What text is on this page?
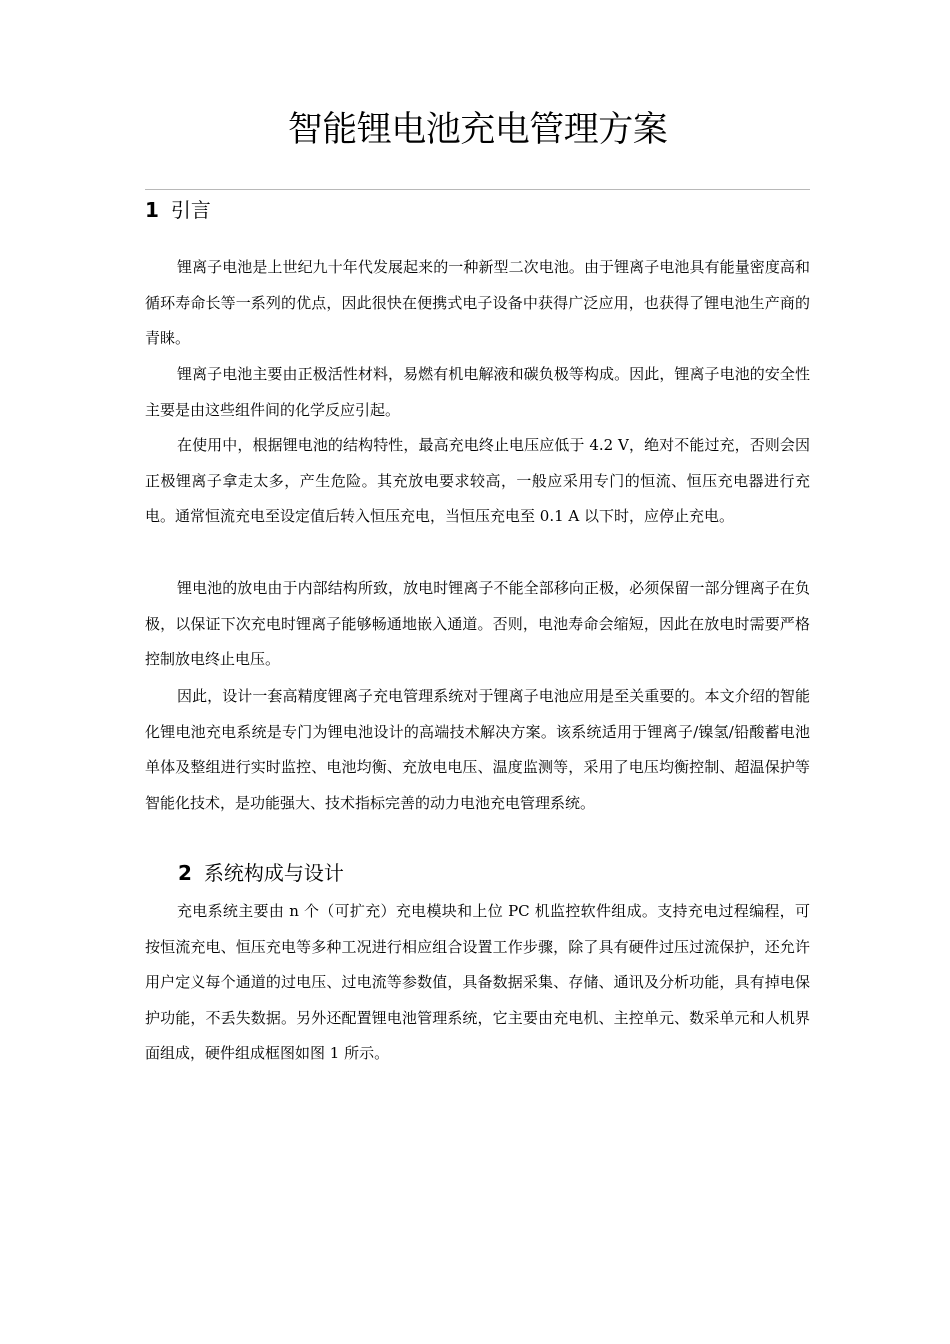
智能锂电池充电管理方案
1 引言

锂离子电池是上世纪九十年代发展起来的一种新型二次电池。由于锂离子电池具有能量密度高和循环寿命长等一系列的优点，因此很快在便携式电子设备中获得广泛应用，也获得了锂电池生产商的青睐。

锂离子电池主要由正极活性材料，易燃有机电解液和碳负极等构成。因此，锂离子电池的安全性主要是由这些组件间的化学反应引起。

在使用中，根据锂电池的结构特性，最高充电终止电压应低于 4.2 V，绝对不能过充，否则会因正极锂离子拿走太多，产生危险。其充放电要求较高，一般应采用专门的恒流、恒压充电器进行充电。通常恒流充电至设定值后转入恒压充电，当恒压充电至 0.1 A 以下时，应停止充电。

锂电池的放电由于内部结构所致，放电时锂离子不能全部移向正极，必须保留一部分锂离子在负极，以保证下次充电时锂离子能够畅通地嵌入通道。否则，电池寿命会缩短，因此在放电时需要严格控制放电终止电压。

因此，设计一套高精度锂离子充电管理系统对于锂离子电池应用是至关重要的。本文介绍的智能化锂电池充电系统是专门为锂电池设计的高端技术解决方案。该系统适用于锂离子/镍氢/铅酸蓄电池单体及整组进行实时监控、电池均衡、充放电电压、温度监测等，采用了电压均衡控制、超温保护等智能化技术，是功能强大、技术指标完善的动力电池充电管理系统。

2 系统构成与设计

充电系统主要由 n 个（可扩充）充电模块和上位 PC 机监控软件组成。支持充电过程编程，可按恒流充电、恒压充电等多种工况进行相应组合设置工作步骤，除了具有硬件过压过流保护，还允许用户定义每个通道的过电压、过电流等参数值，具备数据采集、存储、通讯及分析功能，具有掉电保护功能，不丢失数据。另外还配置锂电池管理系统，它主要由充电机、主控单元、数采单元和人机界面组成，硬件组成框图如图 1 所示。
